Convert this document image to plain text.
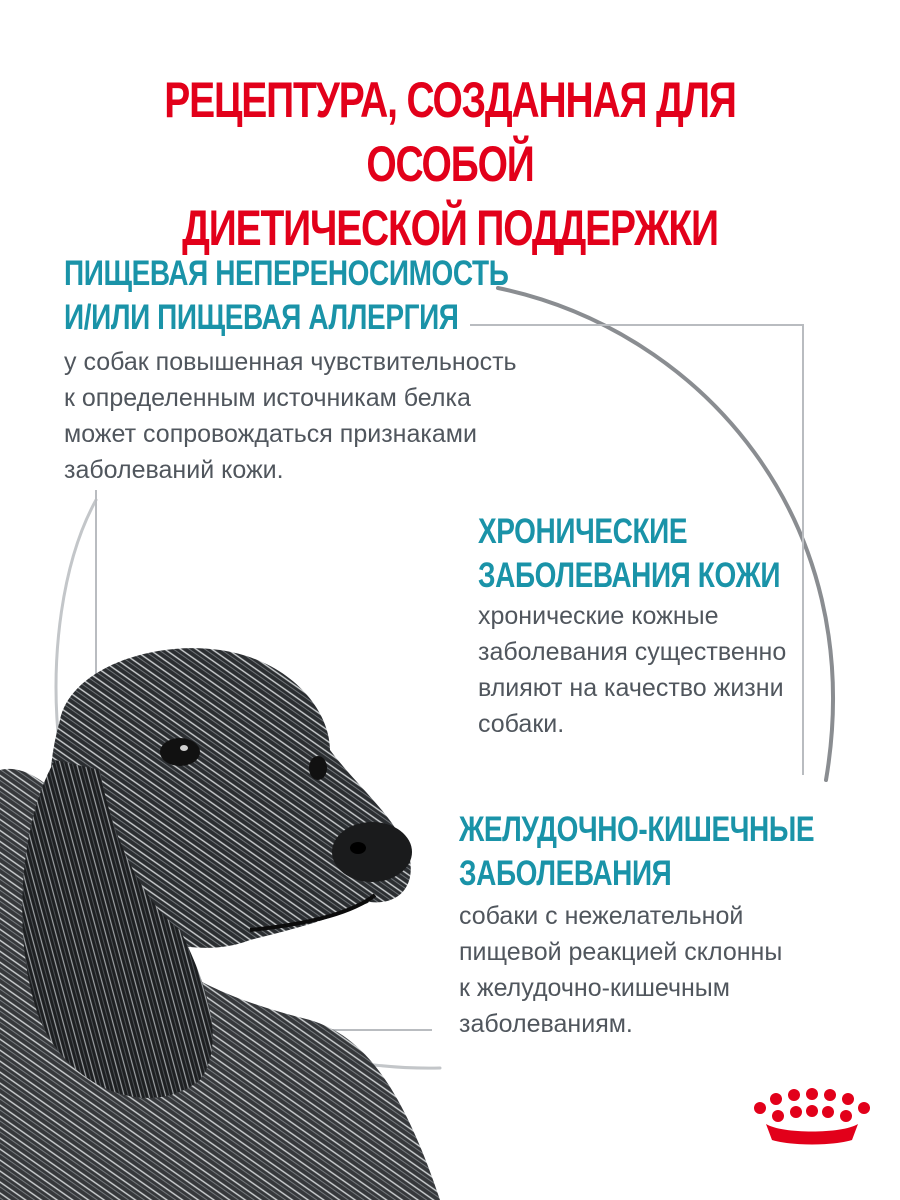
РЕЦЕПТУРА, СОЗДАННАЯ ДЛЯ ОСОБОЙ
ДИЕТИЧЕСКОЙ ПОДДЕРЖКИ
ПИЩЕВАЯ НЕПЕРЕНОСИМОСТЬ
И/ИЛИ ПИЩЕВАЯ АЛЛЕРГИЯ

у собак повышенная чувствительность
к определенным источникам белка
может сопровождаться признаками
заболеваний кожи.

ХРОНИЧЕСКИЕ
ЗАБОЛЕВАНИЯ КОЖИ

хронические кожные
заболевания существенно
влияют на качество жизни
собаки.

ЖЕЛУДОЧНО-КИШЕЧНЫЕ
ЗАБОЛЕВАНИЯ

собаки с нежелательной
пищевой реакцией склонны
к желудочно-кишечным
заболеваниям.
